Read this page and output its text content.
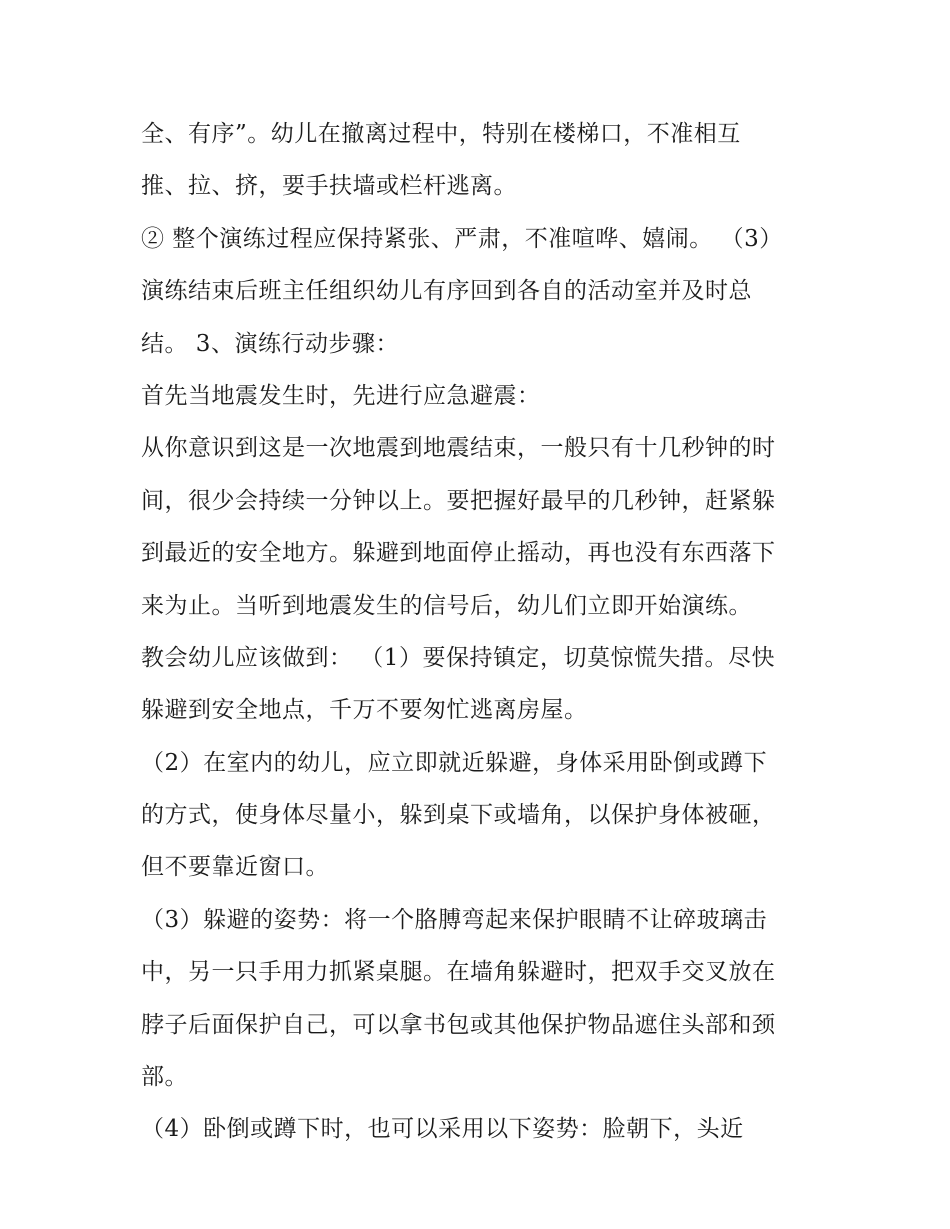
全、有序”。幼儿在撤离过程中，特别在楼梯口，不准相互
推、拉、挤，要手扶墙或栏杆逃离。
② 整个演练过程应保持紧张、严肃，不准喧哗、嬉闹。 （3）
演练结束后班主任组织幼儿有序回到各自的活动室并及时总
结。 3、演练行动步骤：
首先当地震发生时，先进行应急避震：
从你意识到这是一次地震到地震结束，一般只有十几秒钟的时
间，很少会持续一分钟以上。要把握好最早的几秒钟，赶紧躲
到最近的安全地方。躲避到地面停止摇动，再也没有东西落下
来为止。当听到地震发生的信号后，幼儿们立即开始演练。
教会幼儿应该做到： （1）要保持镇定，切莫惊慌失措。尽快
躲避到安全地点，千万不要匆忙逃离房屋。
（2）在室内的幼儿，应立即就近躲避，身体采用卧倒或蹲下
的方式，使身体尽量小，躲到桌下或墙角，以保护身体被砸，
但不要靠近窗口。
（3）躲避的姿势：将一个胳膊弯起来保护眼睛不让碎玻璃击
中，另一只手用力抓紧桌腿。在墙角躲避时，把双手交叉放在
脖子后面保护自己，可以拿书包或其他保护物品遮住头部和颈
部。
（4）卧倒或蹲下时，也可以采用以下姿势：脸朝下，头近
